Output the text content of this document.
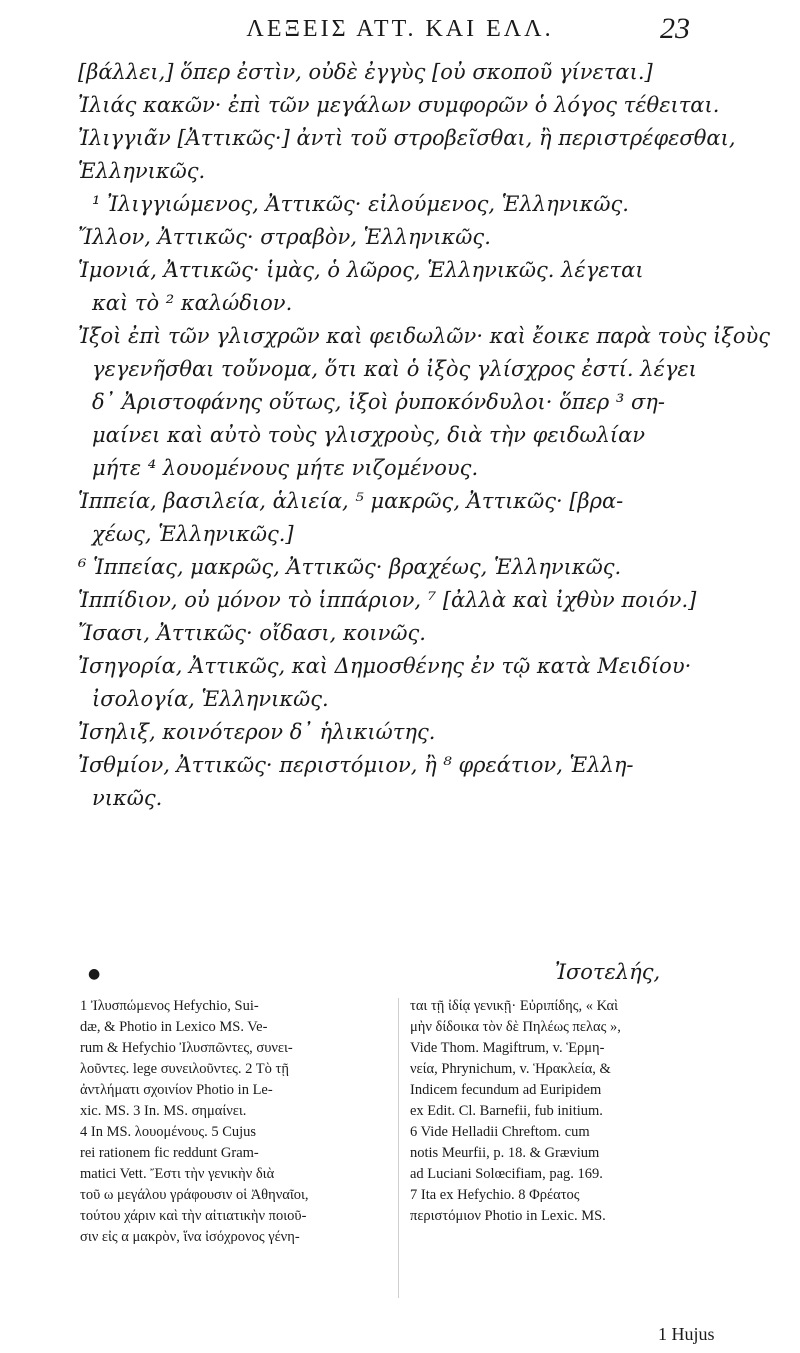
ΛΕΞΕΙΣ ΑΤΤ. ΚΑΙ ΕΛΛ.	23

[βάλλει,] ὅπερ ἐστὶν, οὐδὲ ἐγγὺς [οὐ σκοποῦ γίνεται.]

Ἰλιάς κακῶν· ἐπὶ τῶν μεγάλων συμφορῶν ὁ λόγος τέθειται.

Ἰλιγγιᾶν [Ἀττικῶς·] ἀντὶ τοῦ στροβεῖσθαι, ἢ περιστρέφεσθαι,

Ἑλληνικῶς.

¹ Ἰλιγγιώμενος, Ἀττικῶς· εἰλούμενος, Ἑλληνικῶς.

Ἴλλον, Ἀττικῶς· στραβὸν, Ἑλληνικῶς.

Ἱμονιά, Ἀττικῶς· ἱμὰς, ὁ λῶρος, Ἑλληνικῶς. λέγεται

καὶ τὸ ² καλώδιον.

Ἰξοὶ ἐπὶ τῶν γλισχρῶν καὶ φειδωλῶν· καὶ ἔοικε παρὰ τοὺς ἰξοὺς

γεγενῆσθαι τοὔνομα, ὅτι καὶ ὁ ἰξὸς γλίσχρος ἐστί. λέγει

δ᾽ Ἀριστοφάνης οὕτως, ἰξοὶ ῥυποκόνδυλοι· ὅπερ ³ ση-

μαίνει καὶ αὐτὸ τοὺς γλισχροὺς, διὰ τὴν φειδωλίαν

μήτε ⁴ λουομένους μήτε νιζομένους.

Ἱππεία, βασιλεία, ἁλιεία, ⁵ μακρῶς, Ἀττικῶς· [βρα-

χέως, Ἑλληνικῶς.]

⁶ Ἱππείας, μακρῶς, Ἀττικῶς· βραχέως, Ἑλληνικῶς.

Ἱππίδιον, οὐ μόνον τὸ ἱππάριον, ⁷ [ἀλλὰ καὶ ἰχθὺν ποιόν.]

Ἴσασι, Ἀττικῶς· οἴδασι, κοινῶς.

Ἰσηγορία, Ἀττικῶς, καὶ Δημοσθένης ἐν τῷ κατὰ Μειδίου·

ἰσολογία, Ἑλληνικῶς.

Ἰσηλιξ, κοινότερον δ᾽ ἡλικιώτης.

Ἰσθμίον, Ἀττικῶς· περιστόμιον, ἢ ⁸ φρεάτιον, Ἑλλη-

νικῶς.

●	Ἰσοτελής,

1 Ἰλυσπώμενος Hefychio, Sui-

dæ, & Photio in Lexico MS. Ve-

rum & Hefychio Ἰλυσπῶντες, συνει-

λοῦντες. lege συνειλοῦντες. 2 Τὸ τῇ

ἀντλήματι σχοινίον Photio in Le-

xic. MS. 3 In. MS. σημαίνει.

4 In MS. λουομένους. 5 Cujus

rei rationem fic reddunt Gram-

matici Vett. Ἔστι τὴν γενικὴν διὰ

τοῦ ω μεγάλου γράφουσιν οἱ Ἀθηναῖοι,

τούτου χάριν καὶ τὴν αἰτιατικὴν ποιοῦ-

σιν εἰς α μακρὸν, ἵνα ἰσόχρονος γένη-

ται τῇ ἰδίᾳ γενικῇ· Εὐριπίδης, « Καὶ

μὴν δίδοικα τὸν δὲ Πηλέως πελας »,

Vide Thom. Magiftrum, v. Ἑρμη-

νεία, Phrynichum, v. Ἡρακλεία, &

Indicem fecundum ad Euripidem

ex Edit. Cl. Barnefii, fub initium.

6 Vide Helladii Chreftom. cum

notis Meurfii, p. 18. & Grævium

ad Luciani Solœcifiam, pag. 169.

7 Ita ex Hefychio. 8 Φρέατος

περιστόμιον Photio in Lexic. MS.

1 Hujus
